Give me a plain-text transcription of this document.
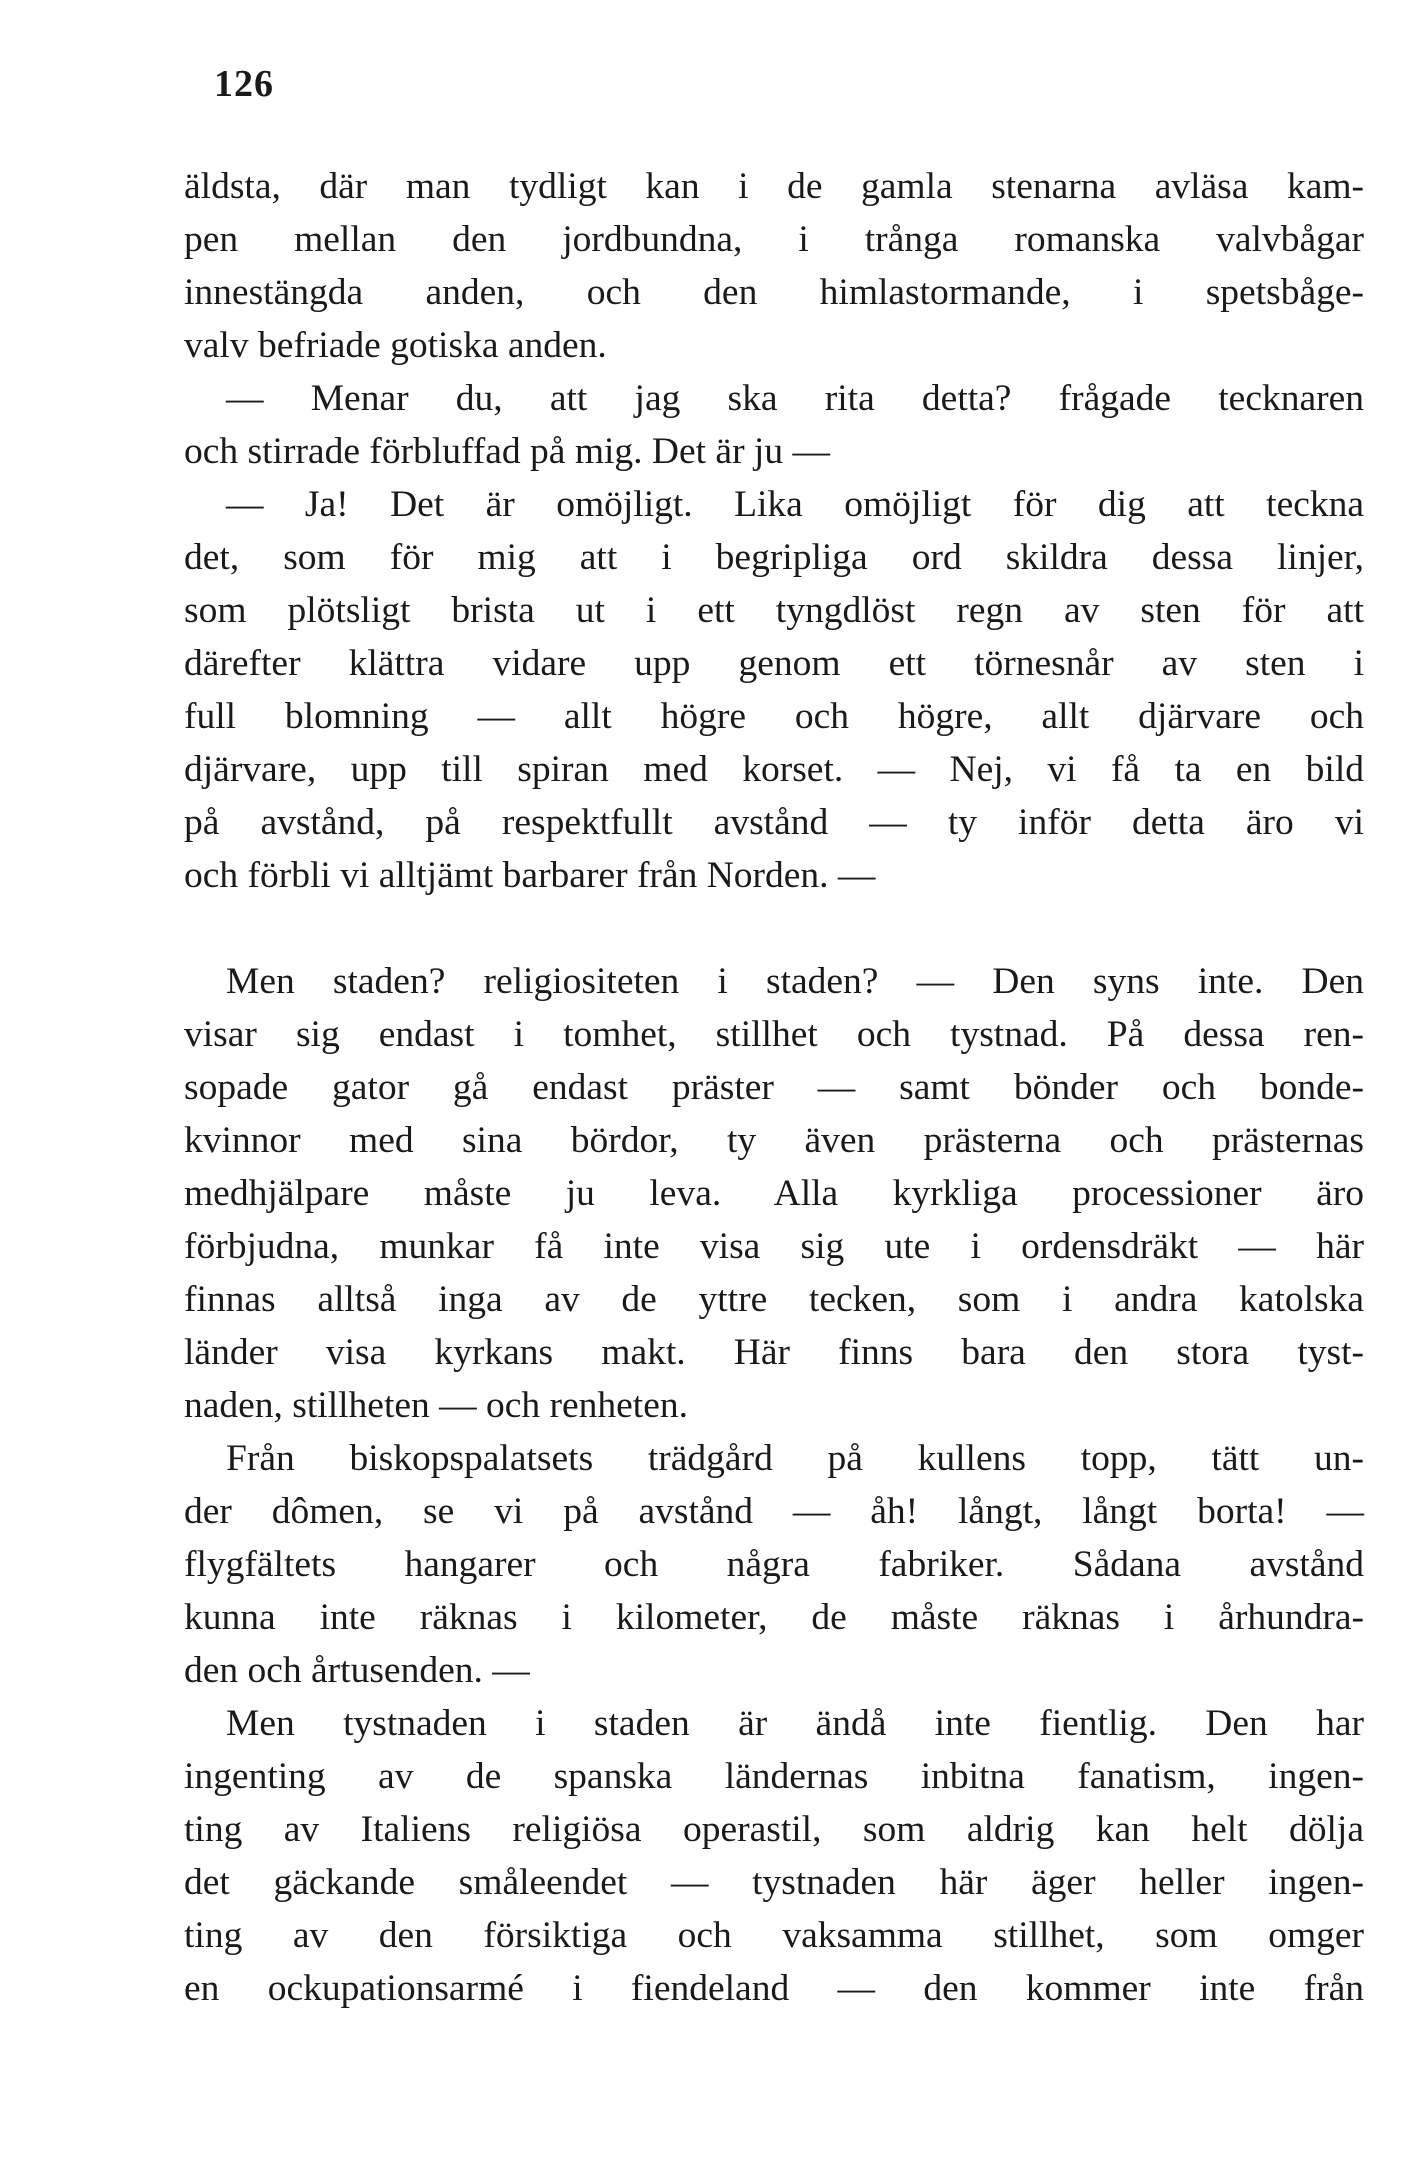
126
äldsta, där man tydligt kan i de gamla stenarna avläsa kam-
pen mellan den jordbundna, i trånga romanska valvbågar
innestängda anden, och den himlastormande, i spetsbåge-
valv befriade gotiska anden.
— Menar du, att jag ska rita detta? frågade tecknaren
och stirrade förbluffad på mig. Det är ju —
— Ja! Det är omöjligt. Lika omöjligt för dig att teckna
det, som för mig att i begripliga ord skildra dessa linjer,
som plötsligt brista ut i ett tyngdlöst regn av sten för att
därefter klättra vidare upp genom ett törnesnår av sten i
full blomning — allt högre och högre, allt djärvare och
djärvare, upp till spiran med korset. — Nej, vi få ta en bild
på avstånd, på respektfullt avstånd — ty inför detta äro vi
och förbli vi alltjämt barbarer från Norden. —
Men staden? religiositeten i staden? — Den syns inte. Den
visar sig endast i tomhet, stillhet och tystnad. På dessa ren-
sopade gator gå endast präster — samt bönder och bonde-
kvinnor med sina bördor, ty även prästerna och prästernas
medhjälpare måste ju leva. Alla kyrkliga processioner äro
förbjudna, munkar få inte visa sig ute i ordensdräkt — här
finnas alltså inga av de yttre tecken, som i andra katolska
länder visa kyrkans makt. Här finns bara den stora tyst-
naden, stillheten — och renheten.
Från biskopspalatsets trädgård på kullens topp, tätt un-
der dômen, se vi på avstånd — åh! långt, långt borta! —
flygfältets hangarer och några fabriker. Sådana avstånd
kunna inte räknas i kilometer, de måste räknas i århundra-
den och årtusenden. —
Men tystnaden i staden är ändå inte fientlig. Den har
ingenting av de spanska ländernas inbitna fanatism, ingen-
ting av Italiens religiösa operastil, som aldrig kan helt dölja
det gäckande småleendet — tystnaden här äger heller ingen-
ting av den försiktiga och vaksamma stillhet, som omger
en ockupationsarmé i fiendeland — den kommer inte från
